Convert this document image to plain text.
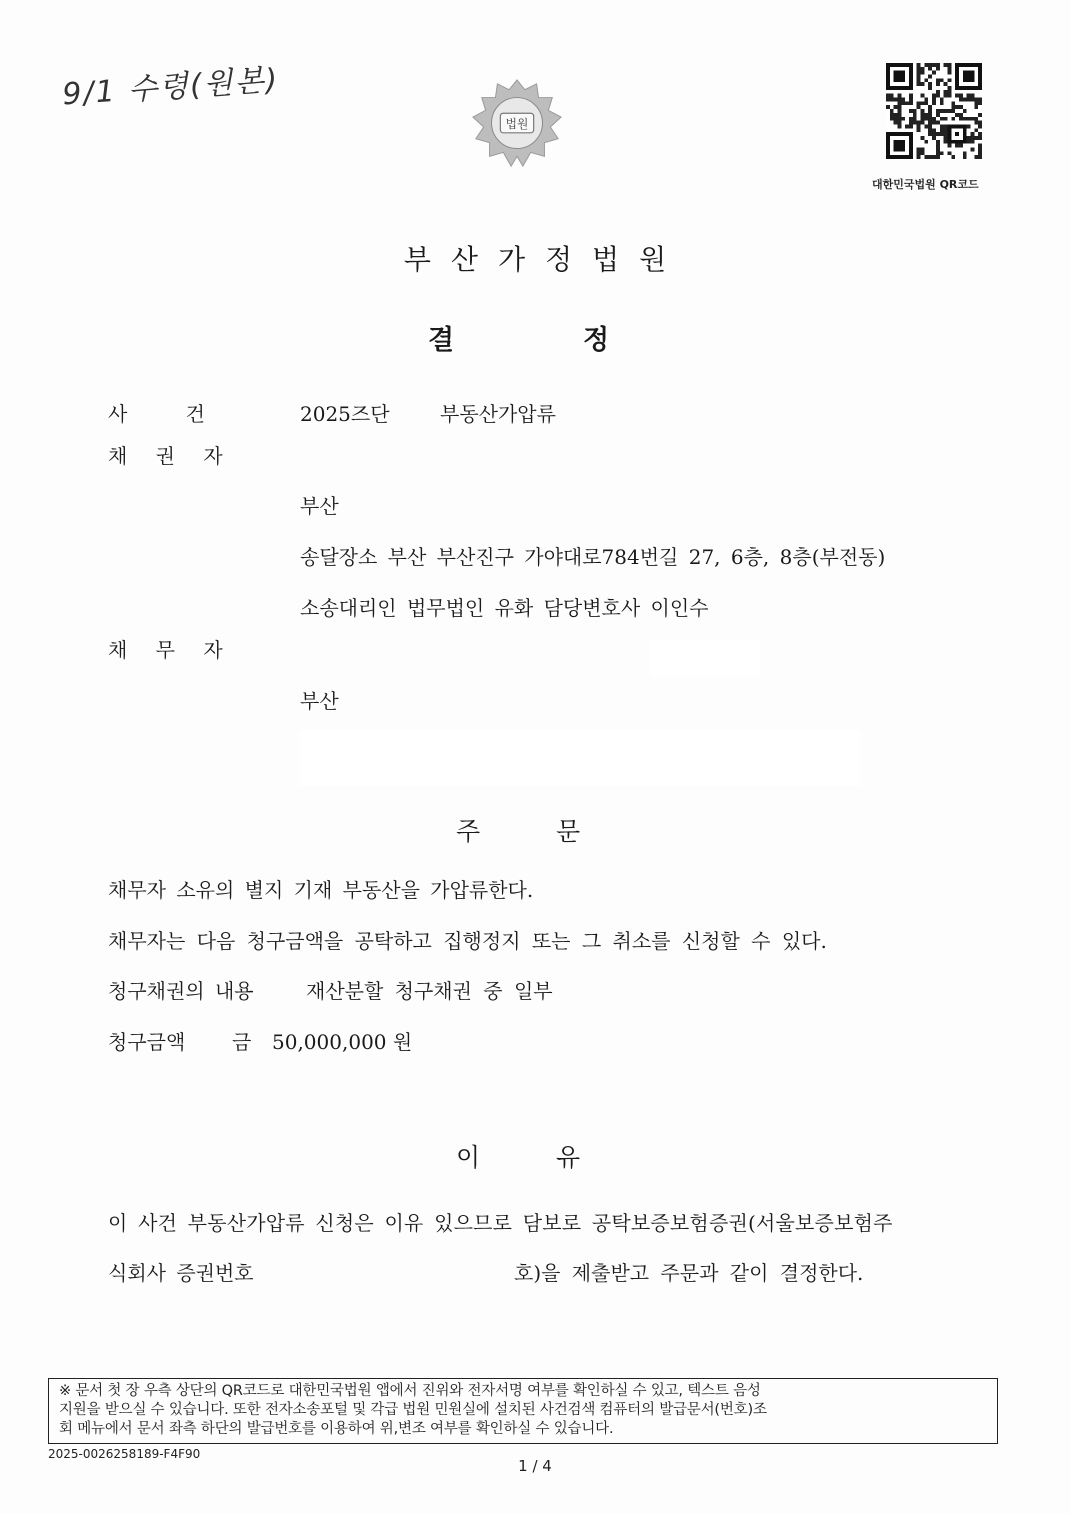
9/1 수령(원본)
법원
대한민국법원 QR코드
부산가정법원
결	정
사 건	2025즈단	부동산가압류
채 권 자
부산
송달장소 부산 부산진구 가야대로784번길 27, 6층, 8층(부전동)
소송대리인 법무법인 유화 담당변호사 이인수
채 무 자
부산
주	문
채무자 소유의 별지 기재 부동산을 가압류한다.
채무자는 다음 청구금액을 공탁하고 집행정지 또는 그 취소를 신청할 수 있다.
청구채권의 내용	재산분할 청구채권 중 일부
청구금액 금 50,000,000 원
이	유
이 사건 부동산가압류 신청은 이유 있으므로 담보로 공탁보증보험증권(서울보증보험주
식회사 증권번호	호)을 제출받고 주문과 같이 결정한다.
※ 문서 첫 장 우측 상단의 QR코드로 대한민국법원 앱에서 진위와 전자서명 여부를 확인하실 수 있고, 텍스트 음성
지원을 받으실 수 있습니다. 또한 전자소송포털 및 각급 법원 민원실에 설치된 사건검색 컴퓨터의 발급문서(번호)조
회 메뉴에서 문서 좌측 하단의 발급번호를 이용하여 위,변조 여부를 확인하실 수 있습니다.
2025-0026258189-F4F90
1 / 4
